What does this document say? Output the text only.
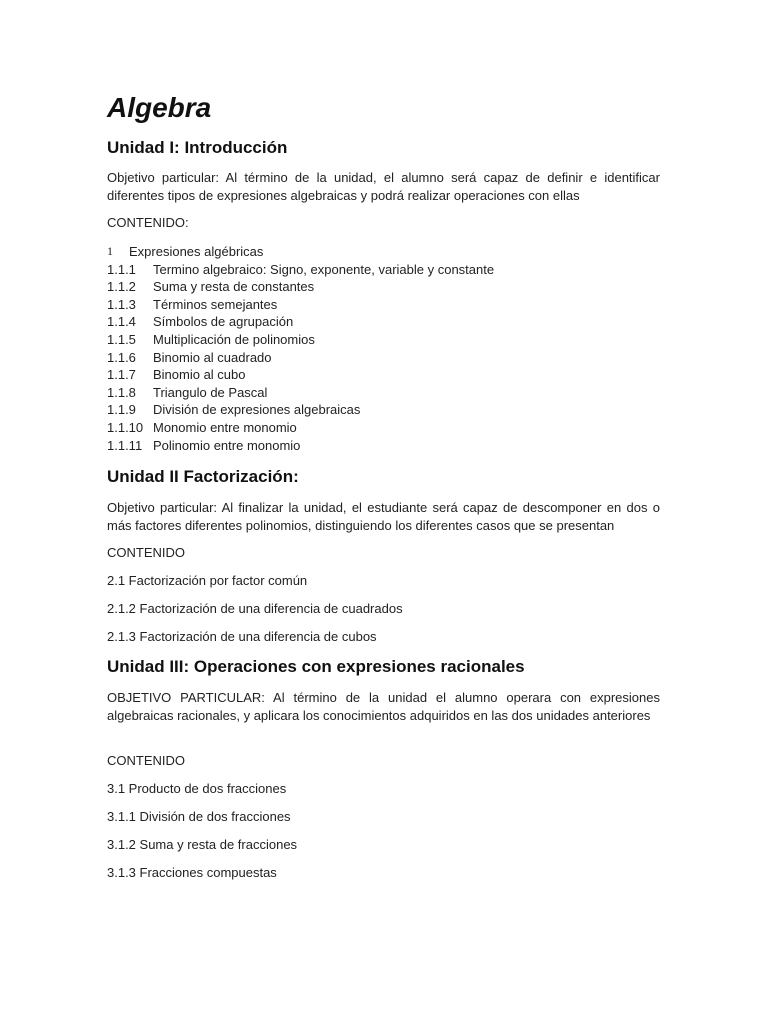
Algebra
Unidad I: Introducción
Objetivo particular: Al término de la unidad, el alumno será capaz de definir e identificar diferentes tipos de expresiones algebraicas y podrá realizar operaciones con ellas
CONTENIDO:
1	Expresiones algébricas
1.1.1	Termino algebraico: Signo, exponente, variable y constante
1.1.2	Suma y resta de constantes
1.1.3	Términos semejantes
1.1.4	Símbolos de agrupación
1.1.5	Multiplicación de polinomios
1.1.6	Binomio al cuadrado
1.1.7	Binomio al cubo
1.1.8	Triangulo de Pascal
1.1.9	División de expresiones algebraicas
1.1.10 Monomio entre monomio
1.1.11 Polinomio entre monomio
Unidad II Factorización:
Objetivo particular: Al finalizar la unidad, el estudiante será capaz de descomponer en dos o más factores diferentes polinomios, distinguiendo los diferentes casos que se presentan
CONTENIDO
2.1 Factorización por factor común
2.1.2 Factorización de una diferencia de cuadrados
2.1.3 Factorización de una diferencia de cubos
Unidad III: Operaciones con expresiones racionales
OBJETIVO PARTICULAR: Al término de la unidad el alumno operara con expresiones algebraicas racionales, y aplicara los conocimientos adquiridos en las dos unidades anteriores
CONTENIDO
3.1 Producto de dos fracciones
3.1.1 División de dos fracciones
3.1.2 Suma y resta de fracciones
3.1.3 Fracciones compuestas
